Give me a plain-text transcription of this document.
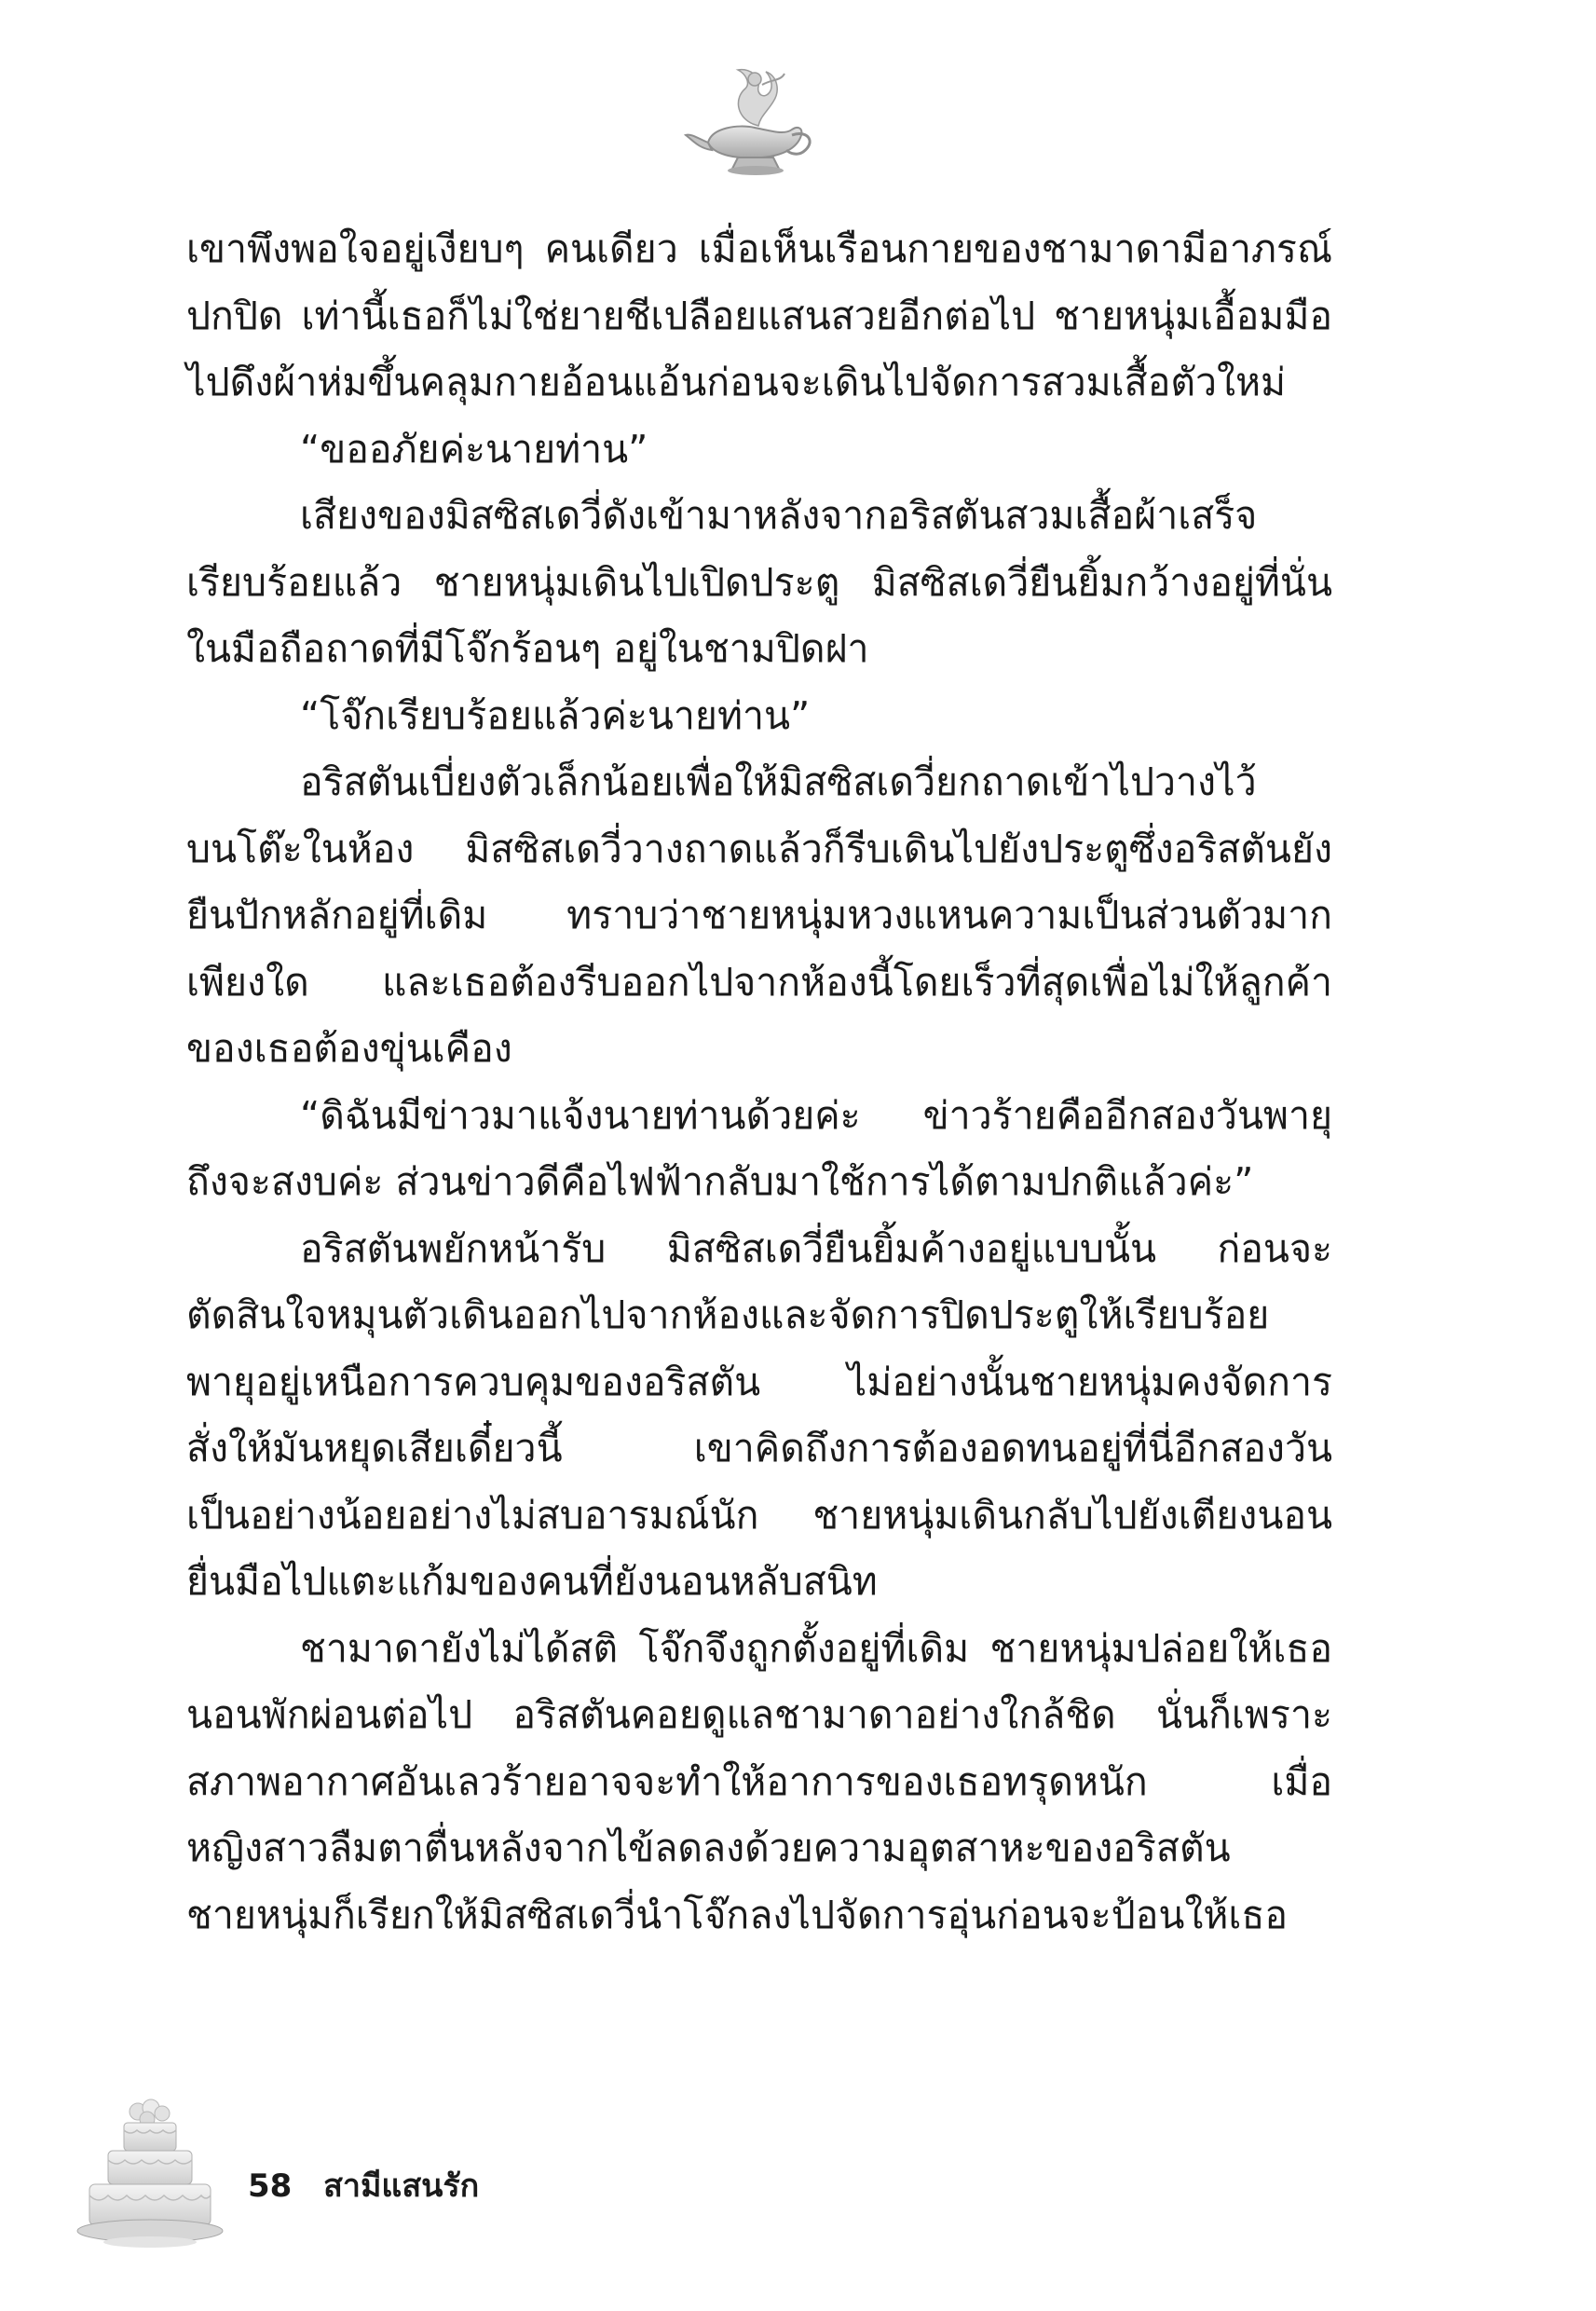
เขาพึงพอใจอยู่เงียบๆ คนเดียว เมื่อเห็นเรือนกายของชามาดามีอาภรณ์
ปกปิด เท่านี้เธอก็ไม่ใช่ยายชีเปลือยแสนสวยอีกต่อไป ชายหนุ่มเอื้อมมือ
ไปดึงผ้าห่มขึ้นคลุมกายอ้อนแอ้นก่อนจะเดินไปจัดการสวมเสื้อตัวใหม่
“ขออภัยค่ะนายท่าน”
เสียงของมิสซิสเดวี่ดังเข้ามาหลังจากอริสตันสวมเสื้อผ้าเสร็จ
เรียบร้อยแล้ว ชายหนุ่มเดินไปเปิดประตู มิสซิสเดวี่ยืนยิ้มกว้างอยู่ที่นั่น
ในมือถือถาดที่มีโจ๊กร้อนๆ อยู่ในชามปิดฝา
“โจ๊กเรียบร้อยแล้วค่ะนายท่าน”
อริสตันเบี่ยงตัวเล็กน้อยเพื่อให้มิสซิสเดวี่ยกถาดเข้าไปวางไว้
บนโต๊ะในห้อง มิสซิสเดวี่วางถาดแล้วก็รีบเดินไปยังประตูซึ่งอริสตันยัง
ยืนปักหลักอยู่ที่เดิม ทราบว่าชายหนุ่มหวงแหนความเป็นส่วนตัวมาก
เพียงใด และเธอต้องรีบออกไปจากห้องนี้โดยเร็วที่สุดเพื่อไม่ให้ลูกค้า
ของเธอต้องขุ่นเคือง
“ดิฉันมีข่าวมาแจ้งนายท่านด้วยค่ะ ข่าวร้ายคืออีกสองวันพายุ
ถึงจะสงบค่ะ ส่วนข่าวดีคือไฟฟ้ากลับมาใช้การได้ตามปกติแล้วค่ะ”
อริสตันพยักหน้ารับ มิสซิสเดวี่ยืนยิ้มค้างอยู่แบบนั้น ก่อนจะ
ตัดสินใจหมุนตัวเดินออกไปจากห้องและจัดการปิดประตูให้เรียบร้อย
พายุอยู่เหนือการควบคุมของอริสตัน ไม่อย่างนั้นชายหนุ่มคงจัดการ
สั่งให้มันหยุดเสียเดี๋ยวนี้ เขาคิดถึงการต้องอดทนอยู่ที่นี่อีกสองวัน
เป็นอย่างน้อยอย่างไม่สบอารมณ์นัก ชายหนุ่มเดินกลับไปยังเตียงนอน
ยื่นมือไปแตะแก้มของคนที่ยังนอนหลับสนิท
ชามาดายังไม่ได้สติ โจ๊กจึงถูกตั้งอยู่ที่เดิม ชายหนุ่มปล่อยให้เธอ
นอนพักผ่อนต่อไป อริสตันคอยดูแลชามาดาอย่างใกล้ชิด นั่นก็เพราะ
สภาพอากาศอันเลวร้ายอาจจะทำให้อาการของเธอทรุดหนัก เมื่อ
หญิงสาวลืมตาตื่นหลังจากไข้ลดลงด้วยความอุตสาหะของอริสตัน
ชายหนุ่มก็เรียกให้มิสซิสเดวี่นำโจ๊กลงไปจัดการอุ่นก่อนจะป้อนให้เธอ
58 สามีแสนรัก
